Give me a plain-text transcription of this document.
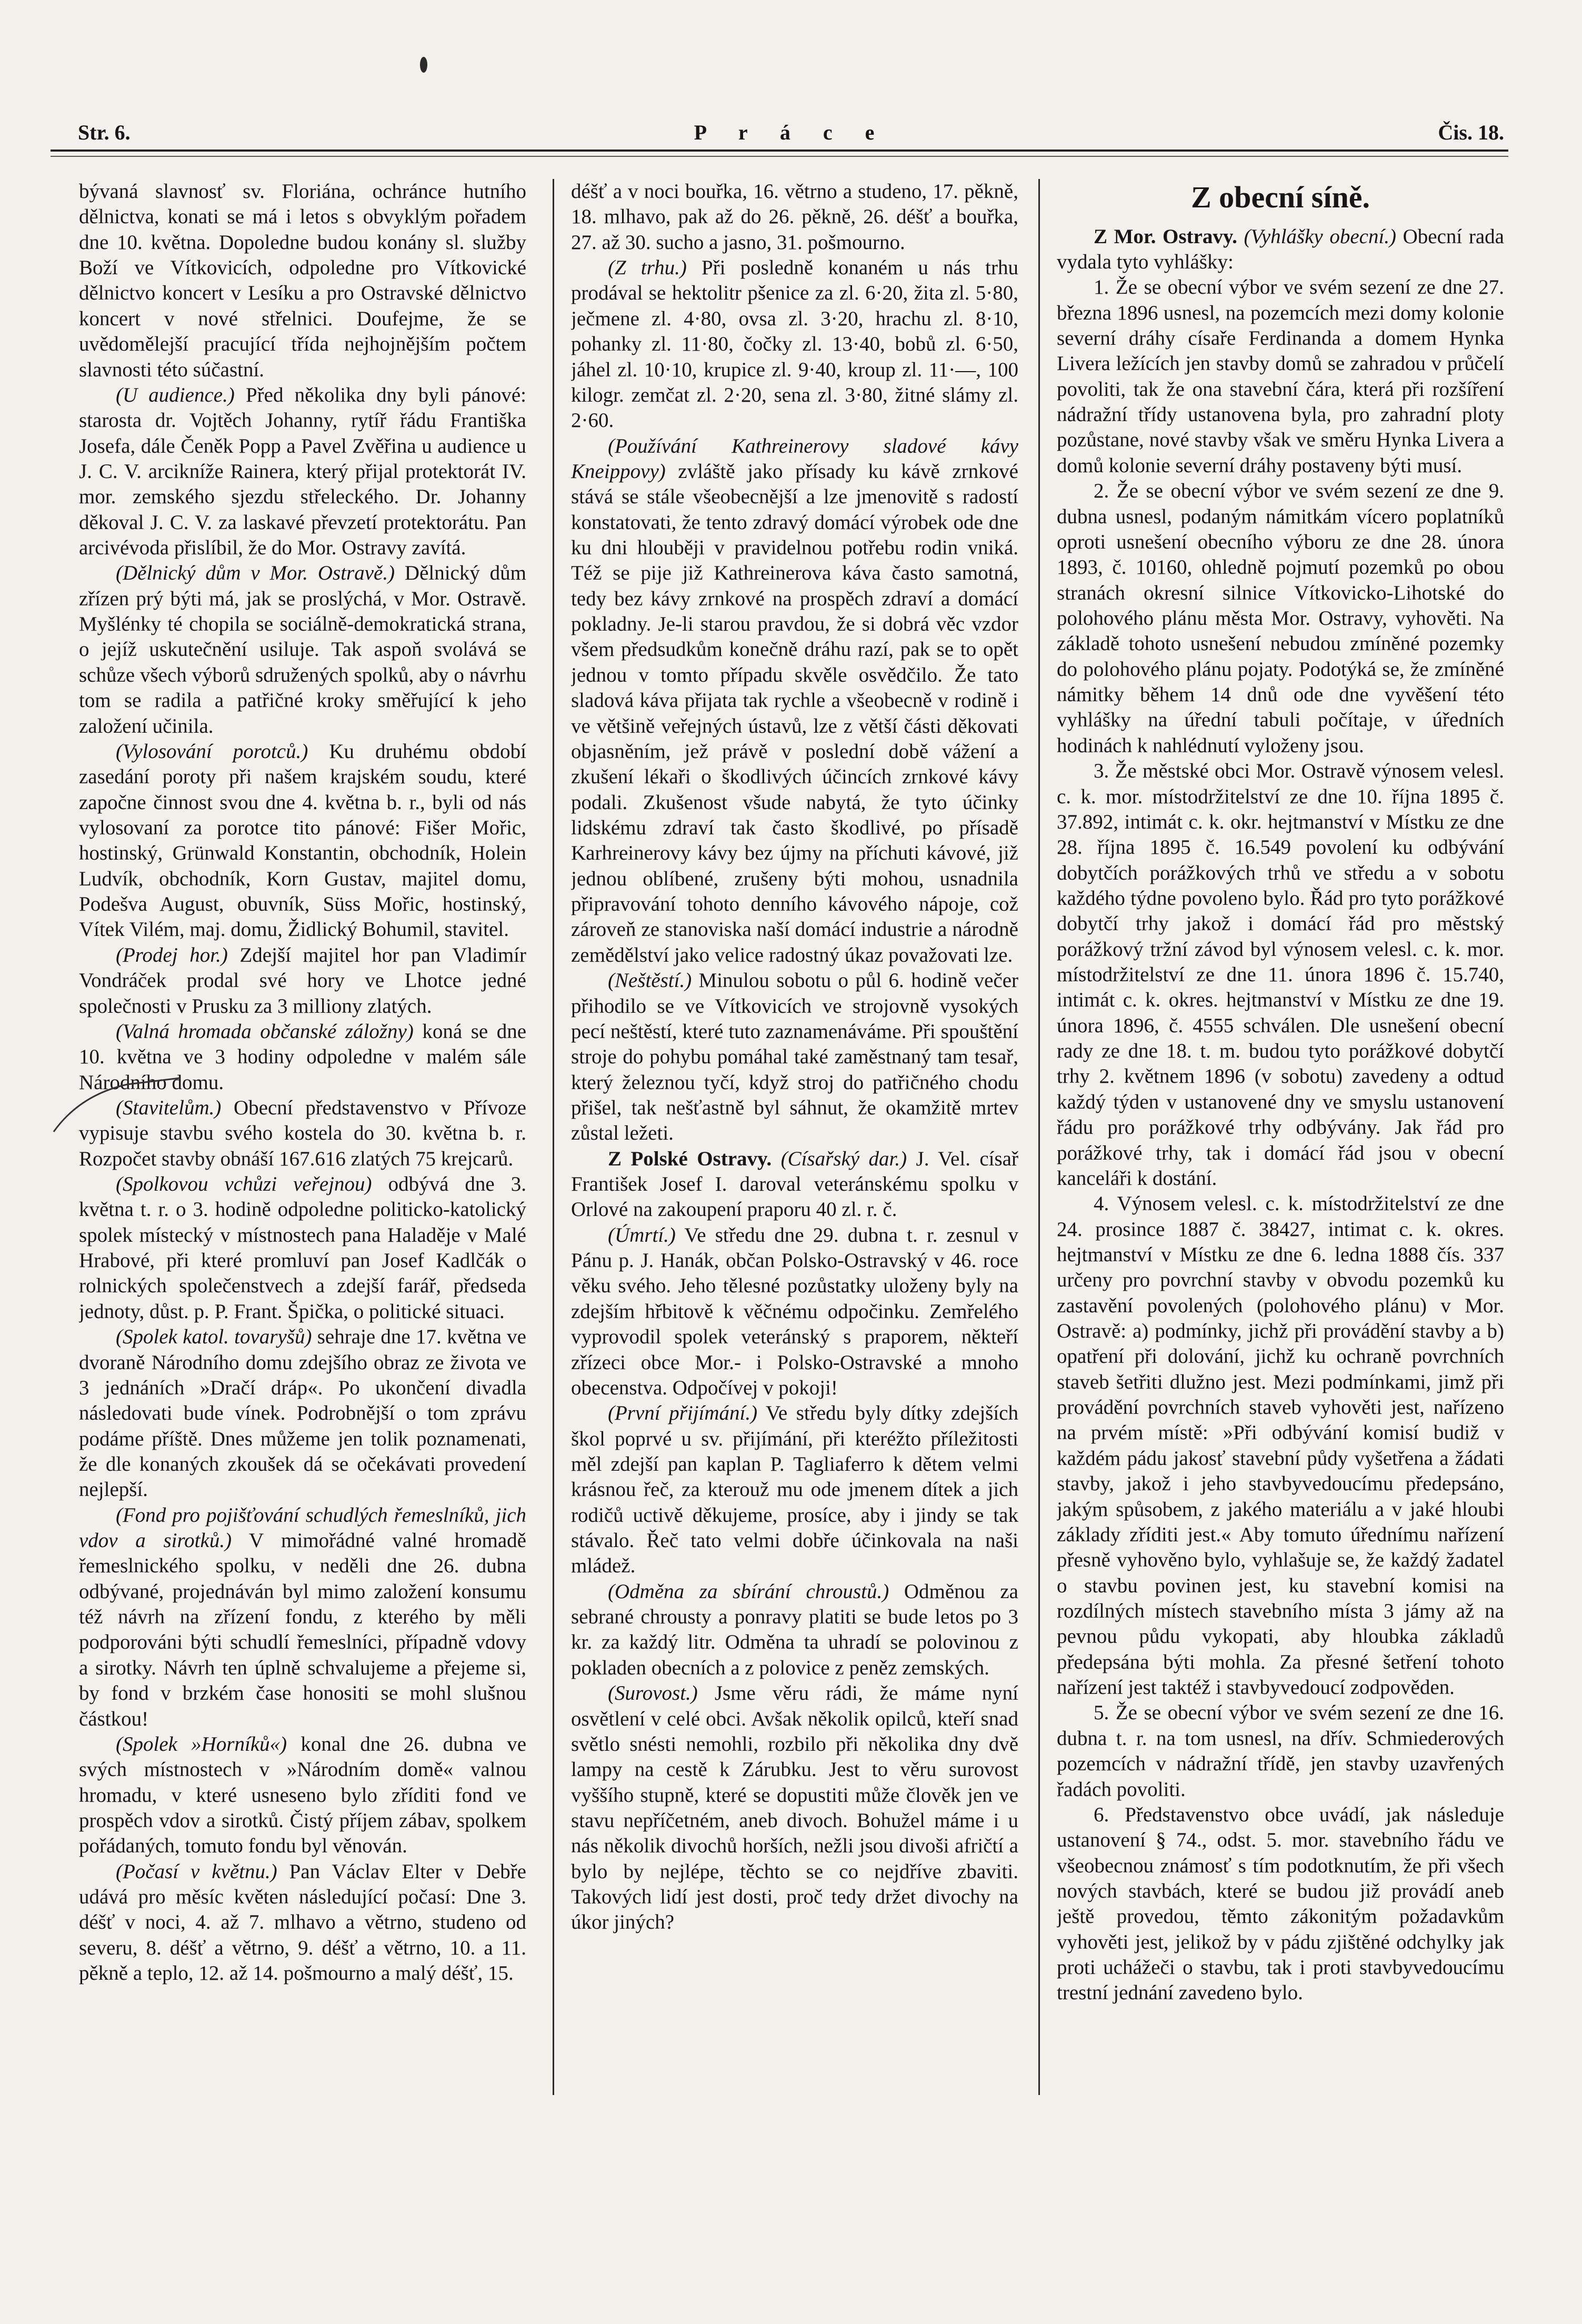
Str. 6.	P r á c e	Čis. 18.

bývaná slavnosť sv. Floriána, ochránce hutního dělnictva, konati se má i letos s obvyklým pořadem dne 10. května. Dopoledne budou konány sl. služby Boží ve Vítkovicích, odpoledne pro Vítkovické dělnictvo koncert v Lesíku a pro Ostravské dělnictvo koncert v nové střelnici. Doufejme, že se uvědomělejší pracující třída nejhojnějším počtem slavnosti této súčastní.

(U audience.) Před několika dny byli pánové: starosta dr. Vojtěch Johanny, rytíř řádu Františka Josefa, dále Čeněk Popp a Pavel Zvěřina u audience u J. C. V. arcikníže Rainera, který přijal protektorát IV. mor. zemského sjezdu střeleckého. Dr. Johanny děkoval J. C. V. za laskavé převzetí protektorátu. Pan arcivévoda přislíbil, že do Mor. Ostravy zavítá.

(Dělnický dům v Mor. Ostravě.) Dělnický dům zřízen prý býti má, jak se proslýchá, v Mor. Ostravě. Myšlénky té chopila se sociálně-demokratická strana, o jejíž uskutečnění usiluje. Tak aspoň svolává se schůze všech výborů sdružených spolků, aby o návrhu tom se radila a patřičné kroky směřující k jeho založení učinila.

(Vylosování porotců.) Ku druhému období zasedání poroty při našem krajském soudu, které započne činnost svou dne 4. května b. r., byli od nás vylosovaní za porotce tito pánové: Fišer Mořic, hostinský, Grünwald Konstantin, obchodník, Holein Ludvík, obchodník, Korn Gustav, majitel domu, Podešva August, obuvník, Süss Mořic, hostinský, Vítek Vilém, maj. domu, Židlický Bohumil, stavitel.

(Prodej hor.) Zdejší majitel hor pan Vladimír Vondráček prodal své hory ve Lhotce jedné společnosti v Prusku za 3 milliony zlatých.

(Valná hromada občanské záložny) koná se dne 10. května ve 3 hodiny odpoledne v malém sále Národního domu.

(Stavitelům.) Obecní představenstvo v Přívoze vypisuje stavbu svého kostela do 30. května b. r. Rozpočet stavby obnáší 167.616 zlatých 75 krejcarů.

(Spolkovou vchůzi veřejnou) odbývá dne 3. května t. r. o 3. hodině odpoledne politicko-katolický spolek místecký v místnostech pana Haladěje v Malé Hrabové, při které promluví pan Josef Kadlčák o rolnických společenstvech a zdejší farář, předseda jednoty, důst. p. P. Frant. Špička, o politické situaci.

(Spolek katol. tovaryšů) sehraje dne 17. května ve dvoraně Národního domu zdejšího obraz ze života ve 3 jednáních »Dračí dráp«. Po ukončení divadla následovati bude vínek. Podrobnější o tom zprávu podáme příště. Dnes můžeme jen tolik poznamenati, že dle konaných zkoušek dá se očekávati provedení nejlepší.

(Fond pro pojišťování schudlých řemeslníků, jich vdov a sirotků.) V mimořádné valné hromadě řemeslnického spolku, v neděli dne 26. dubna odbývané, projednáván byl mimo založení konsumu též návrh na zřízení fondu, z kterého by měli podporováni býti schudlí řemeslníci, případně vdovy a sirotky. Návrh ten úplně schvalujeme a přejeme si, by fond v brzkém čase honositi se mohl slušnou částkou!

(Spolek »Horníků«) konal dne 26. dubna ve svých místnostech v »Národním domě« valnou hromadu, v které usneseno bylo zříditi fond ve prospěch vdov a sirotků. Čistý příjem zábav, spolkem pořádaných, tomuto fondu byl věnován.

(Počasí v květnu.) Pan Václav Elter v Debře udává pro měsíc květen následující počasí: Dne 3. déšť v noci, 4. až 7. mlhavo a větrno, studeno od severu, 8. déšť a větrno, 9. déšť a větrno, 10. a 11. pěkně a teplo, 12. až 14. pošmourno a malý déšť, 15.

déšť a v noci bouřka, 16. větrno a studeno, 17. pěkně, 18. mlhavo, pak až do 26. pěkně, 26. déšť a bouřka, 27. až 30. sucho a jasno, 31. pošmourno.

(Z trhu.) Při posledně konaném u nás trhu prodával se hektolitr pšenice za zl. 6·20, žita zl. 5·80, ječmene zl. 4·80, ovsa zl. 3·20, hrachu zl. 8·10, pohanky zl. 11·80, čočky zl. 13·40, bobů zl. 6·50, jáhel zl. 10·10, krupice zl. 9·40, kroup zl. 11·—, 100 kilogr. zemčat zl. 2·20, sena zl. 3·80, žitné slámy zl. 2·60.

(Používání Kathreinerovy sladové kávy Kneippovy) zvláště jako přísady ku kávě zrnkové stává se stále všeobecnější a lze jmenovitě s radostí konstatovati, že tento zdravý domácí výrobek ode dne ku dni hlouběji v pravidelnou potřebu rodin vniká. Též se pije již Kathreinerova káva často samotná, tedy bez kávy zrnkové na prospěch zdraví a domácí pokladny. Je-li starou pravdou, že si dobrá věc vzdor všem předsudkům konečně dráhu razí, pak se to opět jednou v tomto případu skvěle osvědčilo. Že tato sladová káva přijata tak rychle a všeobecně v rodině i ve většině veřejných ústavů, lze z větší části děkovati objasněním, jež právě v poslední době vážení a zkušení lékaři o škodlivých účincích zrnkové kávy podali. Zkušenost všude nabytá, že tyto účinky lidskému zdraví tak často škodlivé, po přísadě Karhreinerovy kávy bez újmy na příchuti kávové, již jednou oblíbené, zrušeny býti mohou, usnadnila připravování tohoto denního kávového nápoje, což zároveň ze stanoviska naší domácí industrie a národně zemědělství jako velice radostný úkaz považovati lze.

(Neštěstí.) Minulou sobotu o půl 6. hodině večer přihodilo se ve Vítkovicích ve strojovně vysokých pecí neštěstí, které tuto zaznamenáváme. Při spouštění stroje do pohybu pomáhal také zaměstnaný tam tesař, který železnou tyčí, když stroj do patřičného chodu přišel, tak nešťastně byl sáhnut, že okamžitě mrtev zůstal ležeti.

Z Polské Ostravy. (Císařský dar.) J. Vel. císař František Josef I. daroval veteránskému spolku v Orlové na zakoupení praporu 40 zl. r. č.

(Úmrtí.) Ve středu dne 29. dubna t. r. zesnul v Pánu p. J. Hanák, občan Polsko-Ostravský v 46. roce věku svého. Jeho tělesné pozůstatky uloženy byly na zdejším hřbitově k věčnému odpočinku. Zemřelého vyprovodil spolek veteránský s praporem, někteří zřízeci obce Mor.- i Polsko-Ostravské a mnoho obecenstva. Odpočívej v pokoji!

(První přijímání.) Ve středu byly dítky zdejších škol poprvé u sv. přijímání, při kteréžto příležitosti měl zdejší pan kaplan P. Tagliaferro k dětem velmi krásnou řeč, za kterouž mu ode jmenem dítek a jich rodičů uctivě děkujeme, prosíce, aby i jindy se tak stávalo. Řeč tato velmi dobře účinkovala na naši mládež.

(Odměna za sbírání chroustů.) Odměnou za sebrané chrousty a ponravy platiti se bude letos po 3 kr. za každý litr. Odměna ta uhradí se polovinou z pokladen obecních a z polovice z peněz zemských.

(Surovost.) Jsme věru rádi, že máme nyní osvětlení v celé obci. Avšak několik opilců, kteří snad světlo snésti nemohli, rozbilo při několika dny dvě lampy na cestě k Zárubku. Jest to věru surovost vyššího stupně, které se dopustiti může člověk jen ve stavu nepříčetném, aneb divoch. Bohužel máme i u nás několik divochů horších, nežli jsou divoši afričtí a bylo by nejlépe, těchto se co nejdříve zbaviti. Takových lidí jest dosti, proč tedy držet divochy na úkor jiných?

Z obecní síně.

Z Mor. Ostravy. (Vyhlášky obecní.) Obecní rada vydala tyto vyhlášky:

1. Že se obecní výbor ve svém sezení ze dne 27. března 1896 usnesl, na pozemcích mezi domy kolonie severní dráhy císaře Ferdinanda a domem Hynka Livera ležících jen stavby domů se zahradou v průčelí povoliti, tak že ona stavební čára, která při rozšíření nádražní třídy ustanovena byla, pro zahradní ploty pozůstane, nové stavby však ve směru Hynka Livera a domů kolonie severní dráhy postaveny býti musí.

2. Že se obecní výbor ve svém sezení ze dne 9. dubna usnesl, podaným námitkám vícero poplatníků oproti usnešení obecního výboru ze dne 28. února 1893, č. 10160, ohledně pojmutí pozemků po obou stranách okresní silnice Vítkovicko-Lihotské do polohového plánu města Mor. Ostravy, vyhověti. Na základě tohoto usnešení nebudou zmíněné pozemky do polohového plánu pojaty. Podotýká se, že zmíněné námitky během 14 dnů ode dne vyvěšení této vyhlášky na úřední tabuli počítaje, v úředních hodinách k nahlédnutí vyloženy jsou.

3. Že městské obci Mor. Ostravě výnosem velesl. c. k. mor. místodržitelství ze dne 10. října 1895 č. 37.892, intimát c. k. okr. hejtmanství v Místku ze dne 28. října 1895 č. 16.549 povolení ku odbývání dobytčích porážkových trhů ve středu a v sobotu každého týdne povoleno bylo. Řád pro tyto porážkové dobytčí trhy jakož i domácí řád pro městský porážkový tržní závod byl výnosem velesl. c. k. mor. místodržitelství ze dne 11. února 1896 č. 15.740, intimát c. k. okres. hejtmanství v Místku ze dne 19. února 1896, č. 4555 schválen. Dle usnešení obecní rady ze dne 18. t. m. budou tyto porážkové dobytčí trhy 2. květnem 1896 (v sobotu) zavedeny a odtud každý týden v ustanovené dny ve smyslu ustanovení řádu pro porážkové trhy odbývány. Jak řád pro porážkové trhy, tak i domácí řád jsou v obecní kanceláři k dostání.

4. Výnosem velesl. c. k. místodržitelství ze dne 24. prosince 1887 č. 38427, intimat c. k. okres. hejtmanství v Místku ze dne 6. ledna 1888 čís. 337 určeny pro povrchní stavby v obvodu pozemků ku zastavění povolených (polohového plánu) v Mor. Ostravě: a) podmínky, jichž při provádění stavby a b) opatření při dolování, jichž ku ochraně povrchních staveb šetřiti dlužno jest. Mezi podmínkami, jimž při provádění povrchních staveb vyhověti jest, nařízeno na prvém místě: »Při odbývání komisí budiž v každém pádu jakosť stavební půdy vyšetřena a žádati stavby, jakož i jeho stavbyvedoucímu předepsáno, jakým spůsobem, z jakého materiálu a v jaké hloubi základy zříditi jest.« Aby tomuto úřednímu nařízení přesně vyhověno bylo, vyhlašuje se, že každý žadatel o stavbu povinen jest, ku stavební komisi na rozdílných místech stavebního místa 3 jámy až na pevnou půdu vykopati, aby hloubka základů předepsána býti mohla. Za přesné šetření tohoto nařízení jest taktéž i stavbyvedoucí zodpověden.

5. Že se obecní výbor ve svém sezení ze dne 16. dubna t. r. na tom usnesl, na dřív. Schmiederových pozemcích v nádražní třídě, jen stavby uzavřených řadách povoliti.

6. Představenstvo obce uvádí, jak následuje ustanovení § 74., odst. 5. mor. stavebního řádu ve všeobecnou známosť s tím podotknutím, že při všech nových stavbách, které se budou již provádí aneb ještě provedou, těmto zákonitým požadavkům vyhověti jest, jelikož by v pádu zjištěné odchylky jak proti uchážeči o stavbu, tak i proti stavbyvedoucímu trestní jednání zavedeno bylo.
